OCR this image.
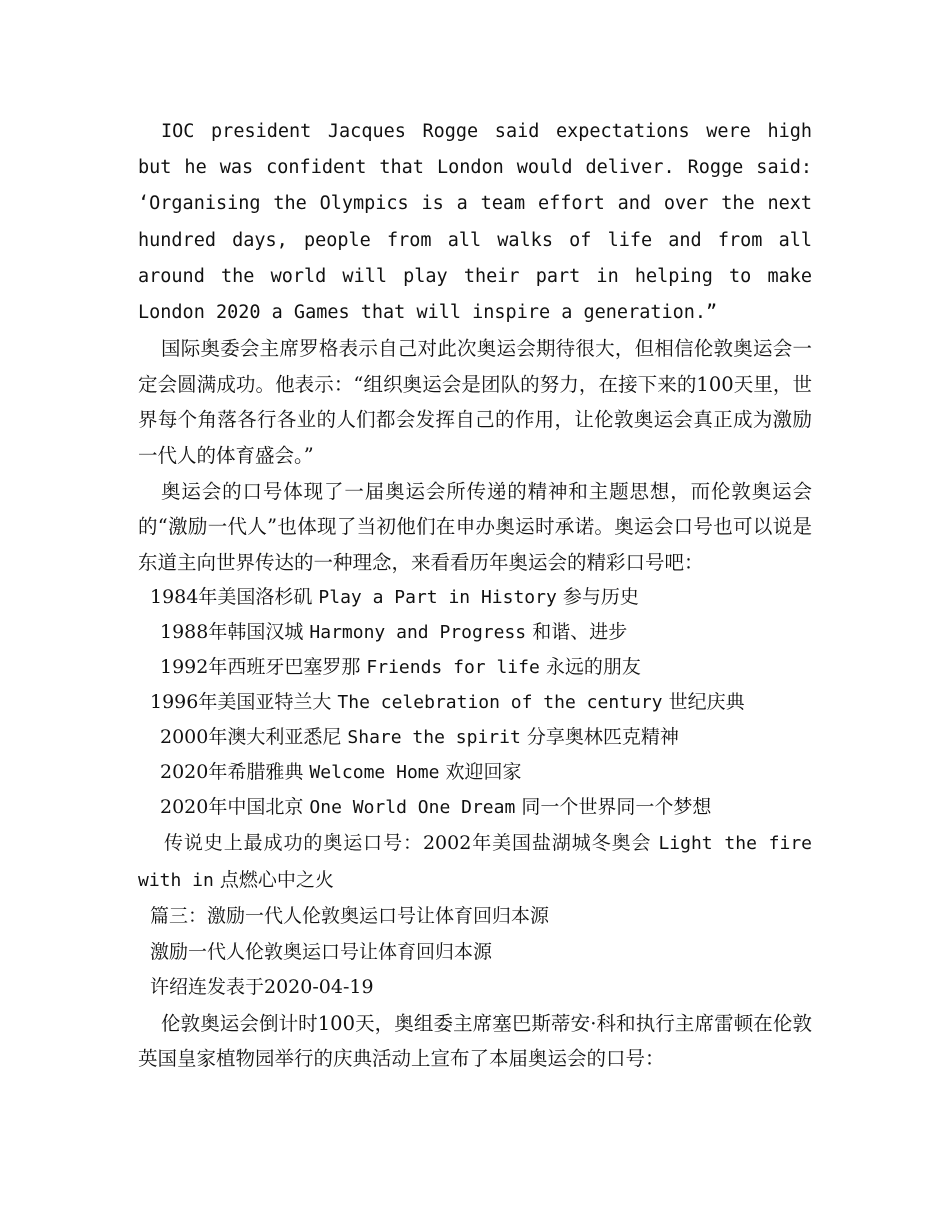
IOC president Jacques Rogge said expectations were high but he was confident that London would deliver. Rogge said: ‘Organising the Olympics is a team effort and over the next hundred days, people from all walks of life and from all around the world will play their part in helping to make London 2020 a Games that will inspire a generation.”

国际奥委会主席罗格表示自己对此次奥运会期待很大，但相信伦敦奥运会一定会圆满成功。他表示：“组织奥运会是团队的努力，在接下来的100天里，世界每个角落各行各业的人们都会发挥自己的作用，让伦敦奥运会真正成为激励一代人的体育盛会。”

奥运会的口号体现了一届奥运会所传递的精神和主题思想，而伦敦奥运会的“激励一代人”也体现了当初他们在申办奥运时承诺。奥运会口号也可以说是东道主向世界传达的一种理念，来看看历年奥运会的精彩口号吧：

1984年美国洛杉矶 Play a Part in History 参与历史
1988年韩国汉城 Harmony and Progress 和谐、进步
1992年西班牙巴塞罗那 Friends for life 永远的朋友
1996年美国亚特兰大 The celebration of the century 世纪庆典
2000年澳大利亚悉尼 Share the spirit 分享奥林匹克精神
2020年希腊雅典 Welcome Home 欢迎回家
2020年中国北京 One World One Dream 同一个世界同一个梦想

传说史上最成功的奥运口号：2002年美国盐湖城冬奥会 Light the fire with in 点燃心中之火

篇三：激励一代人伦敦奥运口号让体育回归本源

激励一代人伦敦奥运口号让体育回归本源

许绍连发表于2020-04-19

伦敦奥运会倒计时100天，奥组委主席塞巴斯蒂安·科和执行主席雷顿在伦敦英国皇家植物园举行的庆典活动上宣布了本届奥运会的口号：
